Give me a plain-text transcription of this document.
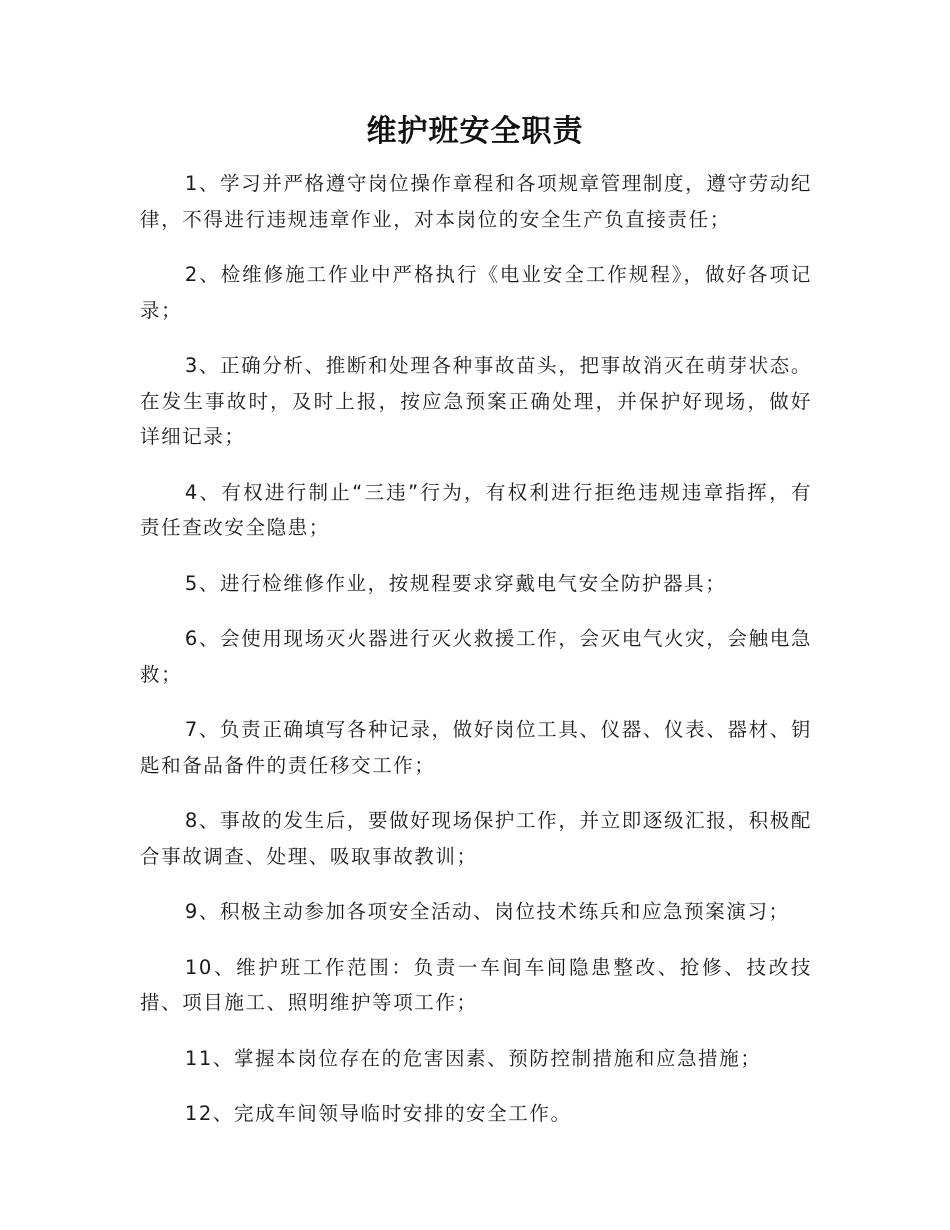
维护班安全职责

1、学习并严格遵守岗位操作章程和各项规章管理制度，遵守劳动纪律，不得进行违规违章作业，对本岗位的安全生产负直接责任；

2、检维修施工作业中严格执行《电业安全工作规程》，做好各项记录；

3、正确分析、推断和处理各种事故苗头，把事故消灭在萌芽状态。在发生事故时，及时上报，按应急预案正确处理，并保护好现场，做好详细记录；

4、有权进行制止“三违”行为，有权利进行拒绝违规违章指挥，有责任查改安全隐患；

5、进行检维修作业，按规程要求穿戴电气安全防护器具；

6、会使用现场灭火器进行灭火救援工作，会灭电气火灾，会触电急救；

7、负责正确填写各种记录，做好岗位工具、仪器、仪表、器材、钥匙和备品备件的责任移交工作；

8、事故的发生后，要做好现场保护工作，并立即逐级汇报，积极配合事故调查、处理、吸取事故教训；

9、积极主动参加各项安全活动、岗位技术练兵和应急预案演习；

10、维护班工作范围：负责一车间车间隐患整改、抢修、技改技措、项目施工、照明维护等项工作；

11、掌握本岗位存在的危害因素、预防控制措施和应急措施；

12、完成车间领导临时安排的安全工作。
